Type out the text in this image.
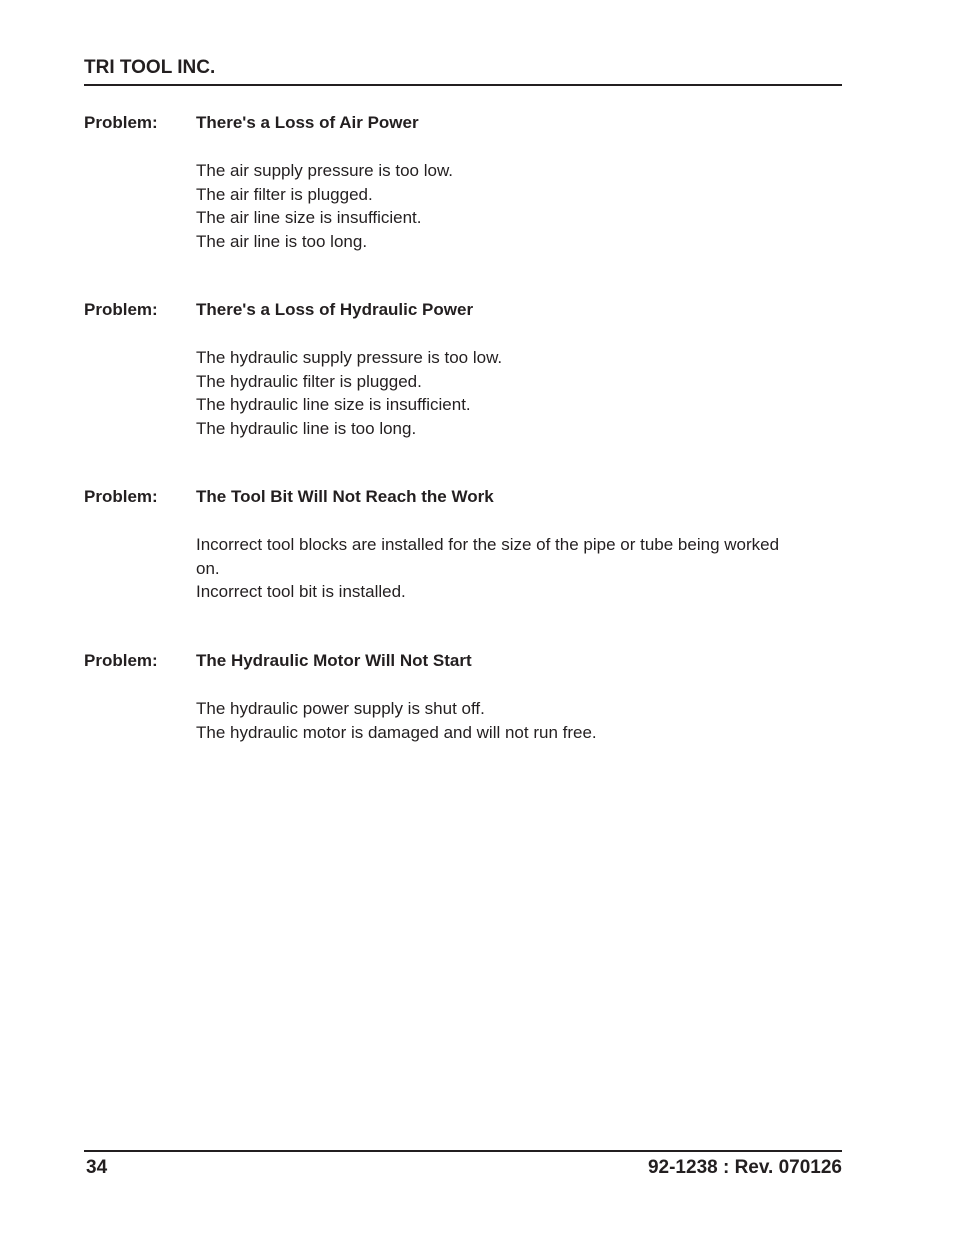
TRI TOOL INC.
Problem: There's a Loss of Air Power
The air supply pressure is too low.
The air filter is plugged.
The air line size is insufficient.
The air line is too long.
Problem: There's a Loss of Hydraulic Power
The hydraulic supply pressure is too low.
The hydraulic filter is plugged.
The hydraulic line size is insufficient.
The hydraulic line is too long.
Problem: The Tool Bit Will Not Reach the Work
Incorrect tool blocks are installed for the size of the pipe or tube being worked on.
Incorrect tool bit is installed.
Problem: The Hydraulic Motor Will Not Start
The hydraulic power supply is shut off.
The hydraulic motor is damaged and will not run free.
34	92-1238 : Rev. 070126
